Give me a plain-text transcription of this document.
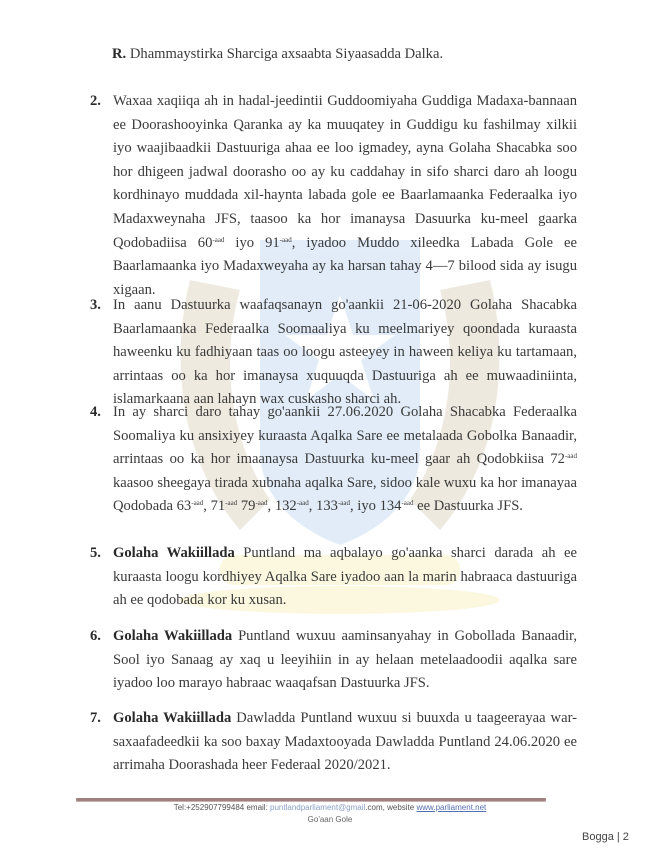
R. Dhammaystirka Sharciga axsaabta Siyaasadda Dalka.
2. Waxaa xaqiiqa ah in hadal-jeedintii Guddoomiyaha Guddiga Madaxa-bannaan ee Doorashooyinka Qaranka ay ka muuqatey in Guddigu ku fashilmay xilkii iyo waajibaadkii Dastuuriga ahaa ee loo igmadey, ayna Golaha Shacabka soo hor dhigeen jadwal doorasho oo ay ku caddahay in sifo sharci daro ah loogu kordhinayo muddada xil-haynta labada gole ee Baarlamaanka Federaalka iyo Madaxweynaha JFS, taasoo ka hor imanaysa Dasuurka ku-meel gaarka Qodobadiisa $60^{-aad}$ iyo $91^{-aad}$, iyadoo Muddo xileedka Labada Gole ee Baarlamaanka iyo Madaxweyaha ay ka harsan tahay 4—7 bilood sida ay isugu xigaan.
3. In aanu Dastuurka waafaqsanayn go'aankii 21-06-2020 Golaha Shacabka Baarlamaanka Federaalka Soomaaliya ku meelmariyey qoondada kuraasta haweenku ku fadhiyaan taas oo loogu asteeyey in haween keliya ku tartamaan, arrintaas oo ka hor imanaysa xuquuqda Dastuuriga ah ee muwaadiniinta, islamarkaana aan lahayn wax cuskasho sharci ah.
4. In ay sharci daro tahay go'aankii 27.06.2020 Golaha Shacabka Federaalka Soomaliya ku ansixiyey kuraasta Aqalka Sare ee metalaada Gobolka Banaadir, arrintaas oo ka hor imaanaysa Dastuurka ku-meel gaar ah Qodobkiisa $72^{-aad}$ kaasoo sheegaya tirada xubnaha aqalka Sare, sidoo kale wuxu ka hor imanayaa Qodobada $63^{-aad}$, $71^{-aad}$ $79^{-aad}$, $132^{-aad}$, $133^{-aad}$, iyo $134^{-aad}$ ee Dastuurka JFS.
5. Golaha Wakiillada Puntland ma aqbalayo go'aanka sharci darada ah ee kuraasta loogu kordhiyey Aqalka Sare iyadoo aan la marin habraaca dastuuriga ah ee qodobada kor ku xusan.
6. Golaha Wakiillada Puntland wuxuu aaminsanyahay in Gobollada Banaadir, Sool iyo Sanaag ay xaq u leeyihiin in ay helaan metelaadoodii aqalka sare iyadoo loo marayo habraac waaqafsan Dastuurka JFS.
7. Golaha Wakiillada Dawladda Puntland wuxuu si buuxda u taageerayaa war-saxaafadeedkii ka soo baxay Madaxtooyada Dawladda Puntland 24.06.2020 ee arrimaha Doorashada heer Federaal 2020/2021.
Tel:+252907799484 email: puntlandparliament@gmail.com, website www.parliament.net
Go'aan Gole
Bogga | 2
